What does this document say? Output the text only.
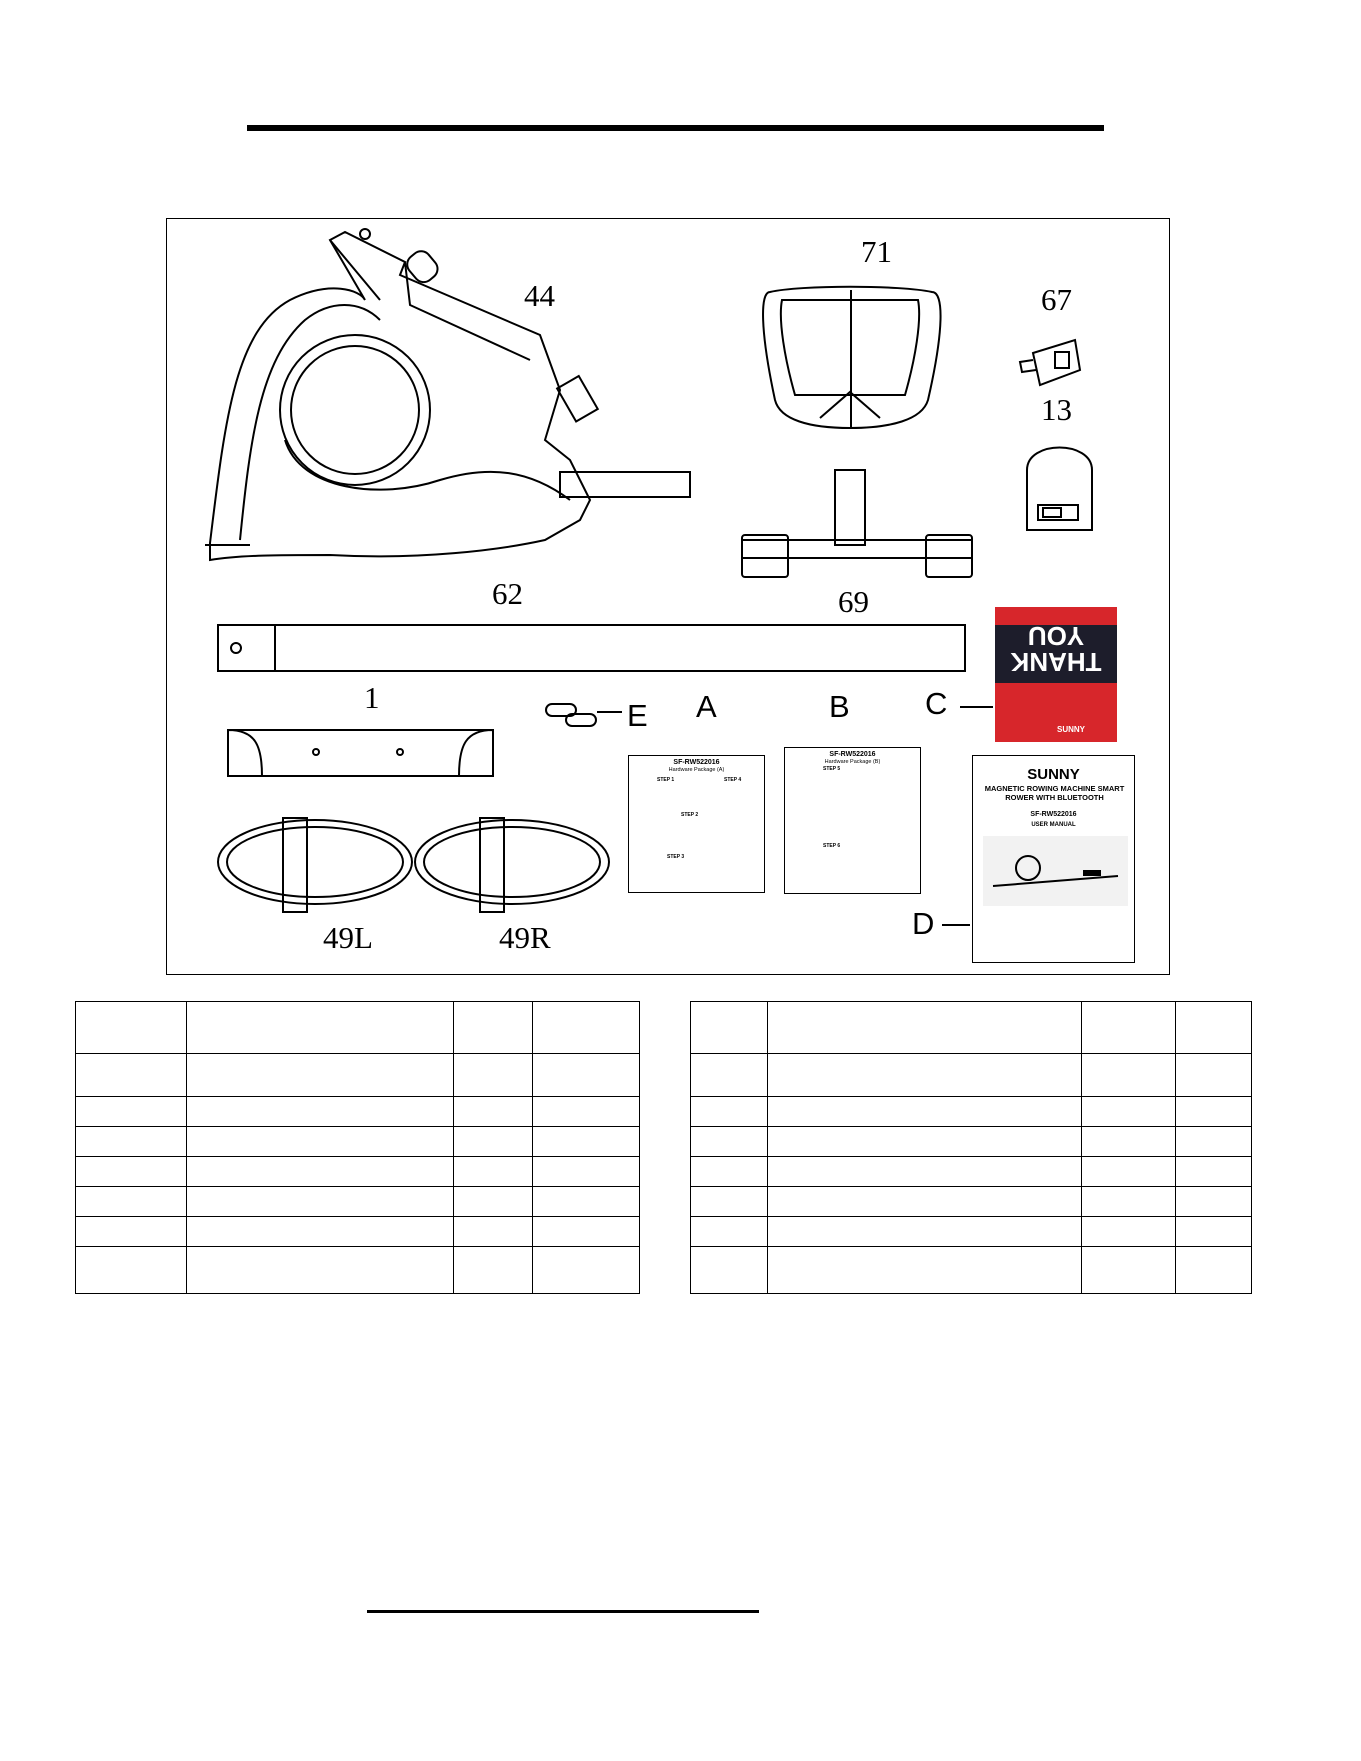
44
71
67
13
62	69
1
49L	49R
A	B C
D
E
SF-RW522016
Hardware Package (A)
STEP 1	STEP 4
STEP 2
STEP 3
SF-RW522016
Hardware Package (B)
STEP 5
STEP 6
THANK
YOU
SUNNY
SUNNY
MAGNETIC ROWING MACHINE SMART ROWER WITH BLUETOOTH
SF-RW522016
USER MANUAL
